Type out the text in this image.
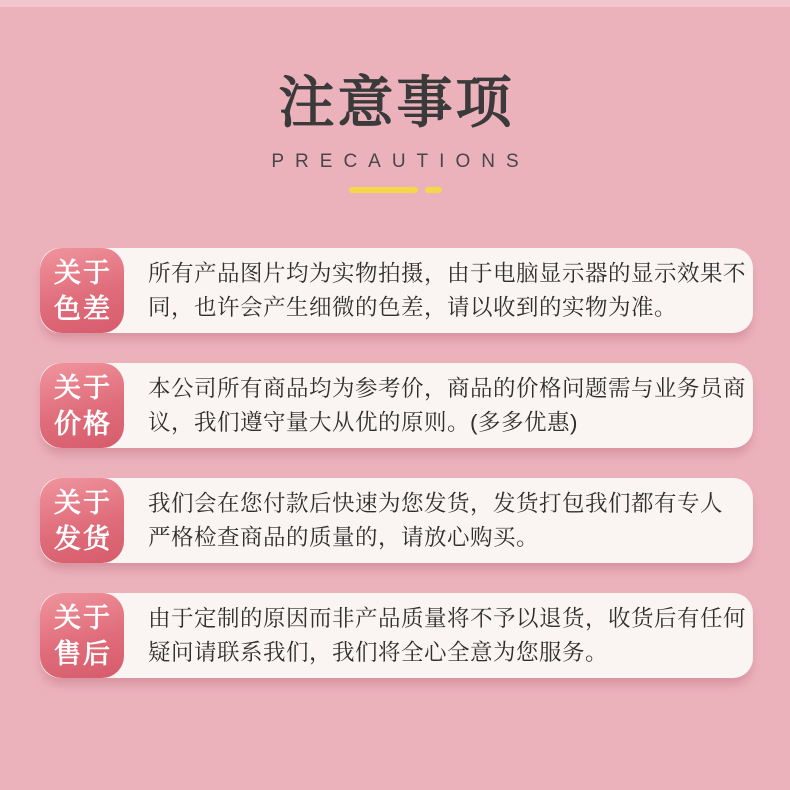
注意事项
PRECAUTIONS
关于
色差

所有产品图片均为实物拍摄，由于电脑显示器的显示效果不

同，也许会产生细微的色差，请以收到的实物为准。

关于
价格

本公司所有商品均为参考价，商品的价格问题需与业务员商

议，我们遵守量大从优的原则。(多多优惠)

关于
发货

我们会在您付款后快速为您发货，发货打包我们都有专人

严格检查商品的质量的，请放心购买。

关于
售后

由于定制的原因而非产品质量将不予以退货，收货后有任何

疑问请联系我们，我们将全心全意为您服务。
